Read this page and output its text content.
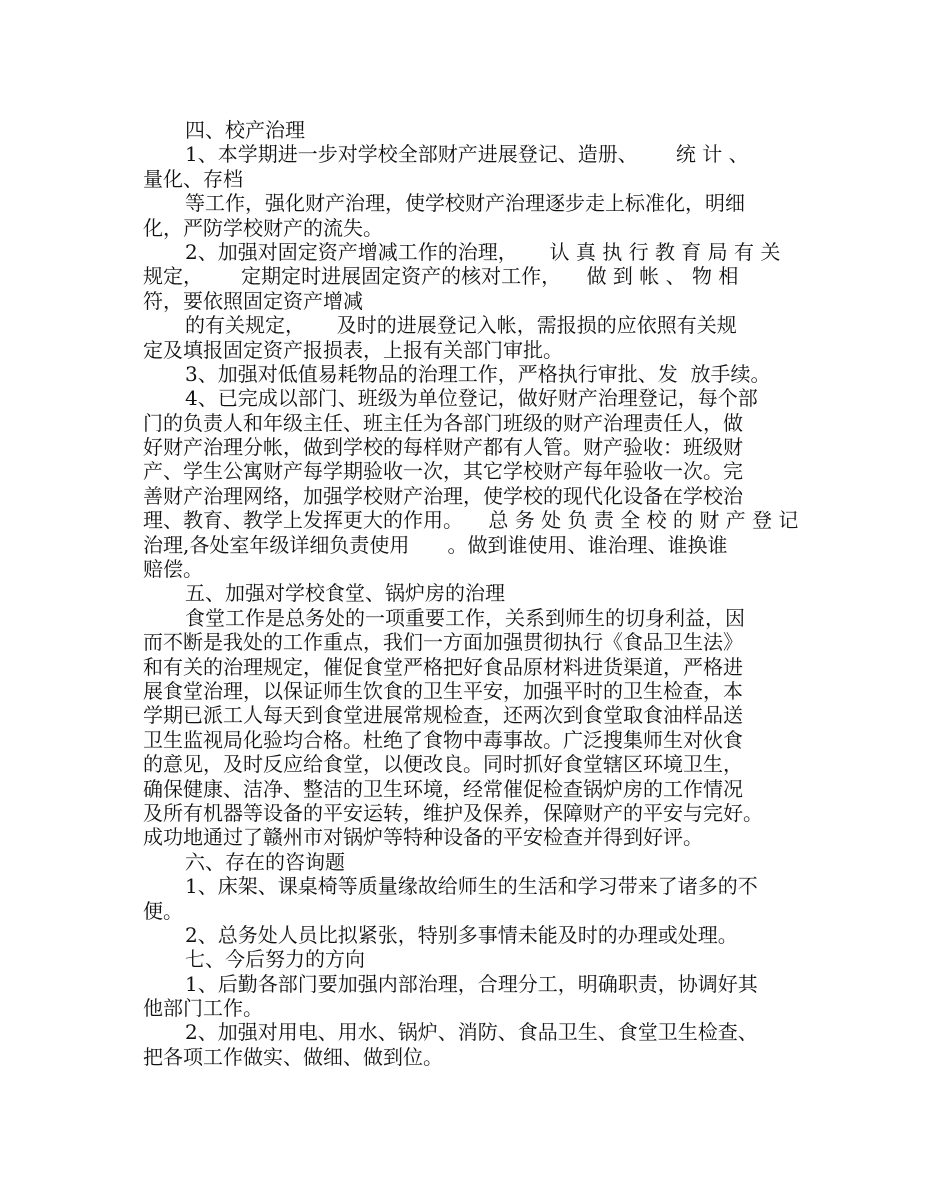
四、校产治理
1、本学期进一步对学校全部财产进展登记、造册、      统 计 、
量化、存档
等工作，强化财产治理，使学校财产治理逐步走上标准化，明细
化，严防学校财产的流失。
2、加强对固定资产增减工作的治理，     认 真 执 行 教 育 局 有 关
规定，      定期定时进展固定资产的核对工作，    做 到 帐 、 物 相
符，要依照固定资产增减
的有关规定，     及时的进展登记入帐，需报损的应依照有关规
定及填报固定资产报损表，上报有关部门审批。
3、加强对低值易耗物品的治理工作，严格执行审批、发  放手续。
4、已完成以部门、班级为单位登记，做好财产治理登记，每个部
门的负责人和年级主任、班主任为各部门班级的财产治理责任人，做
好财产治理分帐，做到学校的每样财产都有人管。财产验收：班级财
产、学生公寓财产每学期验收一次，其它学校财产每年验收一次。完
善财产治理网络，加强学校财产治理，使学校的现代化设备在学校治
理、教育、教学上发挥更大的作用。    总 务 处 负 责 全 校 的 财 产 登 记
治理,各处室年级详细负责使用      。做到谁使用、谁治理、谁换谁
赔偿。
五、加强对学校食堂、锅炉房的治理
食堂工作是总务处的一项重要工作，关系到师生的切身利益，因
而不断是我处的工作重点，我们一方面加强贯彻执行《食品卫生法》
和有关的治理规定，催促食堂严格把好食品原材料进货渠道，严格进
展食堂治理，以保证师生饮食的卫生平安，加强平时的卫生检查，本
学期已派工人每天到食堂进展常规检查，还两次到食堂取食油样品送
卫生监视局化验均合格。杜绝了食物中毒事故。广泛搜集师生对伙食
的意见，及时反应给食堂，以便改良。同时抓好食堂辖区环境卫生，
确保健康、洁净、整洁的卫生环境，经常催促检查锅炉房的工作情况
及所有机器等设备的平安运转，维护及保养，保障财产的平安与完好。
成功地通过了赣州市对锅炉等特种设备的平安检查并得到好评。
六、存在的咨询题
1、床架、课桌椅等质量缘故给师生的生活和学习带来了诸多的不
便。
2、总务处人员比拟紧张，特别多事情未能及时的办理或处理。
七、今后努力的方向
1、后勤各部门要加强内部治理，合理分工，明确职责，协调好其
他部门工作。
2、加强对用电、用水、锅炉、消防、食品卫生、食堂卫生检查、
把各项工作做实、做细、做到位。
